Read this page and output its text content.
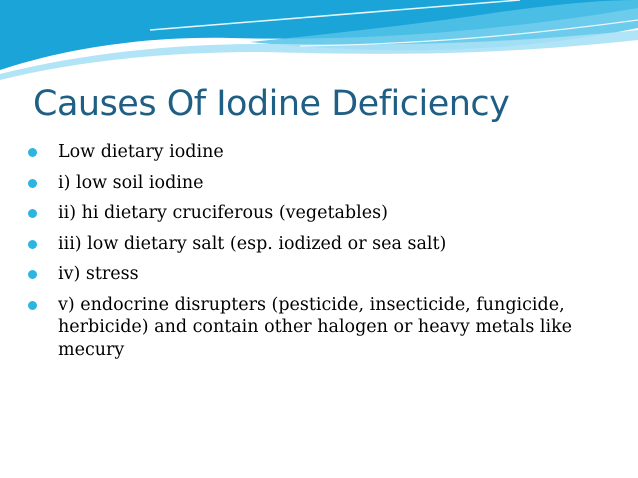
Causes Of Iodine Deficiency
Low dietary iodine
i) low soil iodine
ii) hi dietary cruciferous (vegetables)
iii) low dietary salt (esp. iodized or sea salt)
iv) stress
v) endocrine disrupters (pesticide, insecticide, fungicide, herbicide) and contain other halogen or heavy metals like mecury
